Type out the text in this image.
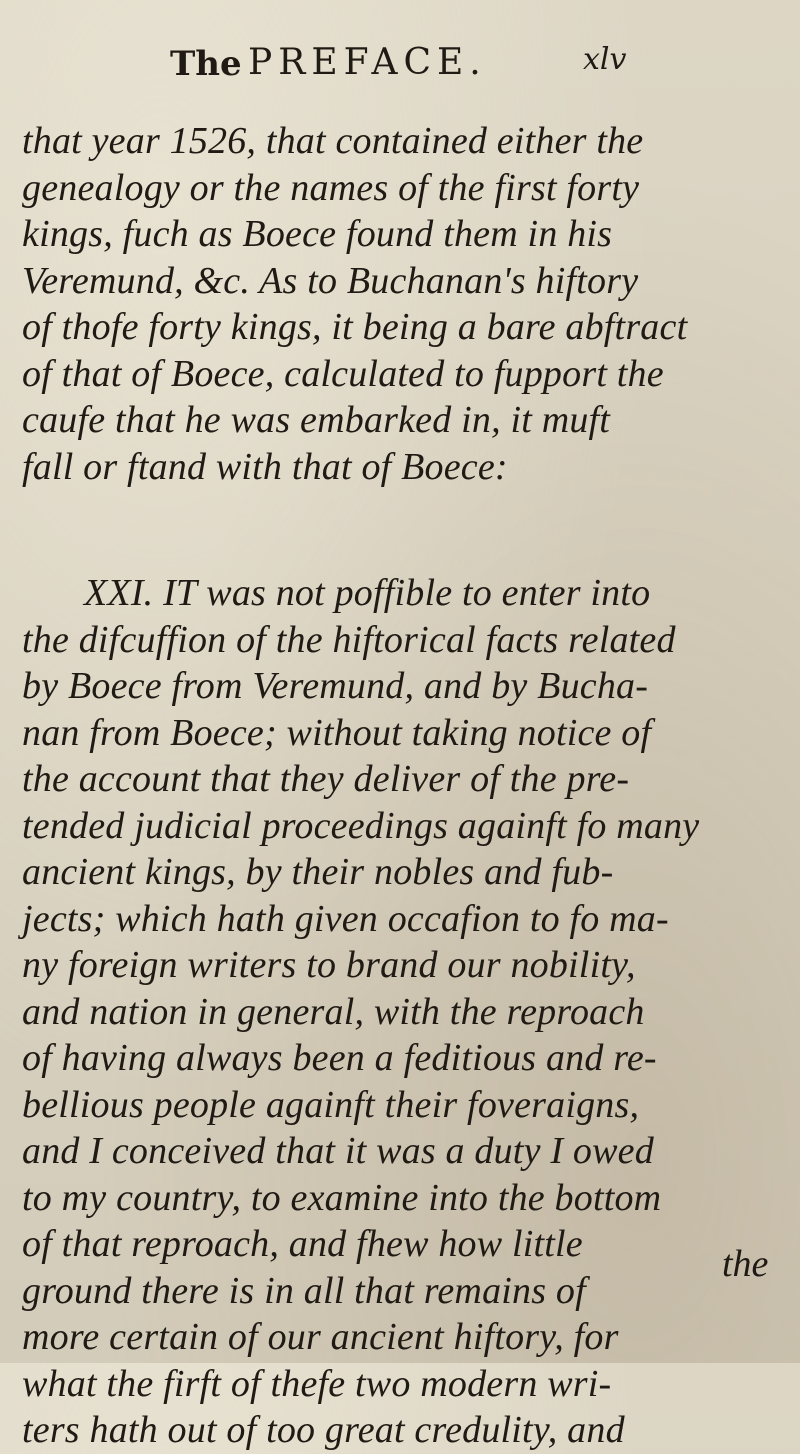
The PREFACE.	xlv
that year 1526, that contained either the
genealogy or the names of the first forty
kings, fuch as Boece found them in his
Veremund, &c. As to Buchanan's hiftory
of thofe forty kings, it being a bare abftract
of that of Boece, calculated to fupport the
caufe that he was embarked in, it muft
fall or ftand with that of Boece:
XXI. IT was not poffible to enter into
the difcuffion of the hiftorical facts related
by Boece from Veremund, and by Bucha-
nan from Boece; without taking notice of
the account that they deliver of the pre-
tended judicial proceedings againft fo many
ancient kings, by their nobles and fub-
jects; which hath given occafion to fo ma-
ny foreign writers to brand our nobility,
and nation in general, with the reproach
of having always been a feditious and re-
bellious people againft their foveraigns,
and I conceived that it was a duty I owed
to my country, to examine into the bottom
of that reproach, and fhew how little
ground there is in all that remains of
more certain of our ancient hiftory, for
what the firft of thefe two modern wri-
ters hath out of too great credulity, and
the
